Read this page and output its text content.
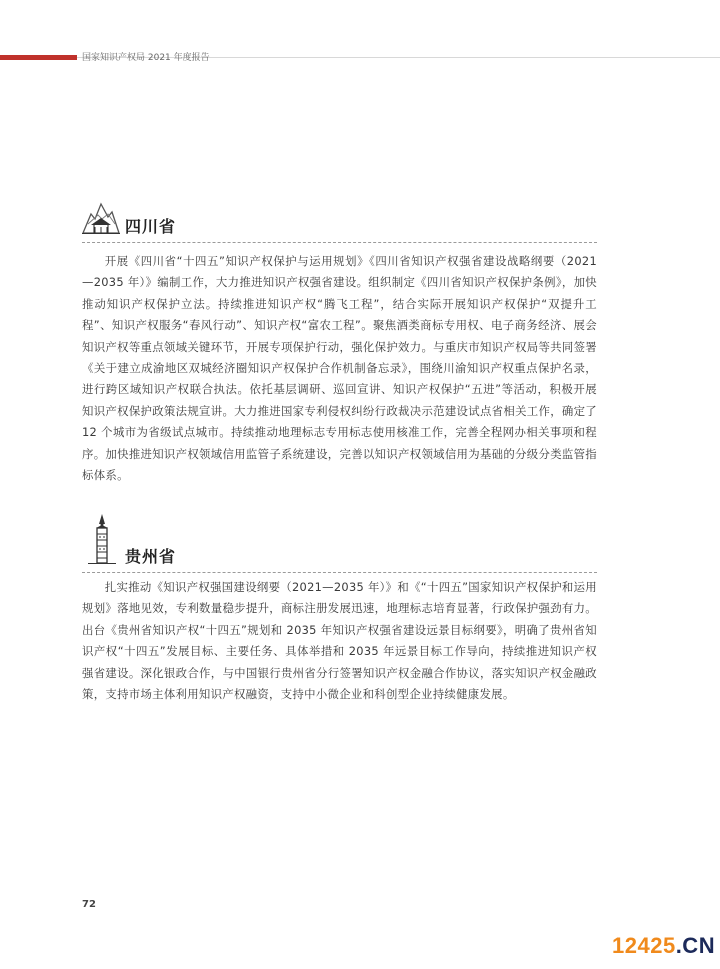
国家知识产权局 2021 年度报告
四川省

开展《四川省“十四五”知识产权保护与运用规划》《四川省知识产权强省建设战略纲要（2021—2035 年）》编制工作，大力推进知识产权强省建设。组织制定《四川省知识产权保护条例》，加快推动知识产权保护立法。持续推进知识产权“腾飞工程”，结合实际开展知识产权保护“双提升工程”、知识产权服务“春风行动”、知识产权“富农工程”。聚焦酒类商标专用权、电子商务经济、展会知识产权等重点领域关键环节，开展专项保护行动，强化保护效力。与重庆市知识产权局等共同签署《关于建立成渝地区双城经济圈知识产权保护合作机制备忘录》，围绕川渝知识产权重点保护名录，进行跨区域知识产权联合执法。依托基层调研、巡回宣讲、知识产权保护“五进”等活动，积极开展知识产权保护政策法规宣讲。大力推进国家专利侵权纠纷行政裁决示范建设试点省相关工作，确定了 12 个城市为省级试点城市。持续推动地理标志专用标志使用核准工作，完善全程网办相关事项和程序。加快推进知识产权领域信用监管子系统建设，完善以知识产权领域信用为基础的分级分类监管指标体系。

贵州省

扎实推动《知识产权强国建设纲要（2021—2035 年）》和《“十四五”国家知识产权保护和运用规划》落地见效，专利数量稳步提升，商标注册发展迅速，地理标志培育显著，行政保护强劲有力。出台《贵州省知识产权“十四五”规划和 2035 年知识产权强省建设远景目标纲要》，明确了贵州省知识产权“十四五”发展目标、主要任务、具体举措和 2035 年远景目标工作导向，持续推进知识产权强省建设。深化银政合作，与中国银行贵州省分行签署知识产权金融合作协议，落实知识产权金融政策，支持市场主体利用知识产权融资，支持中小微企业和科创型企业持续健康发展。

72
12425.CN
